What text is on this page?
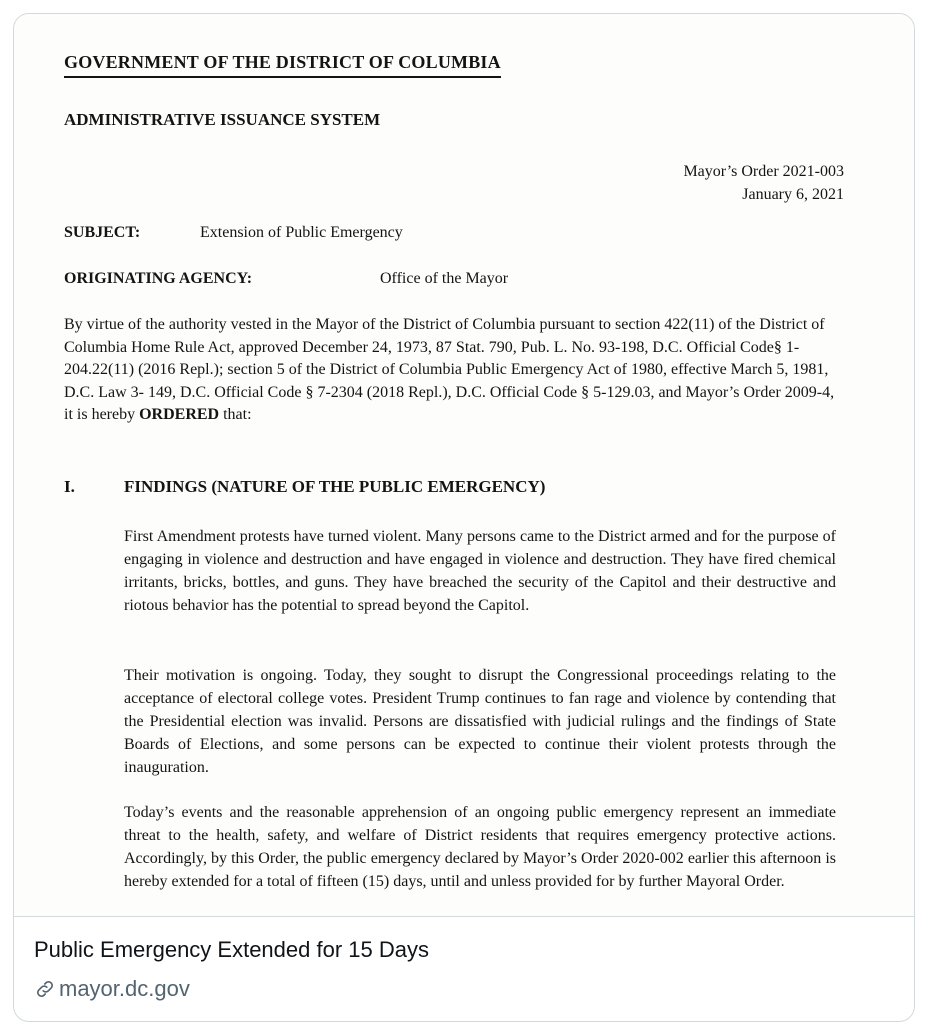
GOVERNMENT OF THE DISTRICT OF COLUMBIA
ADMINISTRATIVE ISSUANCE SYSTEM
Mayor’s Order 2021-003
January 6, 2021
SUBJECT:	Extension of Public Emergency
ORIGINATING AGENCY:	Office of the Mayor
By virtue of the authority vested in the Mayor of the District of Columbia pursuant to section 422(11) of the District of Columbia Home Rule Act, approved December 24, 1973, 87 Stat. 790, Pub. L. No. 93-198, D.C. Official Code§ 1-204.22(11) (2016 Repl.); section 5 of the District of Columbia Public Emergency Act of 1980, effective March 5, 1981, D.C. Law 3- 149, D.C. Official Code § 7-2304 (2018 Repl.), D.C. Official Code § 5-129.03, and Mayor’s Order 2009-4, it is hereby ORDERED that:
I.	FINDINGS (NATURE OF THE PUBLIC EMERGENCY)
First Amendment protests have turned violent. Many persons came to the District armed and for the purpose of engaging in violence and destruction and have engaged in violence and destruction. They have fired chemical irritants, bricks, bottles, and guns. They have breached the security of the Capitol and their destructive and riotous behavior has the potential to spread beyond the Capitol.
Their motivation is ongoing. Today, they sought to disrupt the Congressional proceedings relating to the acceptance of electoral college votes. President Trump continues to fan rage and violence by contending that the Presidential election was invalid. Persons are dissatisfied with judicial rulings and the findings of State Boards of Elections, and some persons can be expected to continue their violent protests through the inauguration.
Today’s events and the reasonable apprehension of an ongoing public emergency represent an immediate threat to the health, safety, and welfare of District residents that requires emergency protective actions. Accordingly, by this Order, the public emergency declared by Mayor’s Order 2020-002 earlier this afternoon is hereby extended for a total of fifteen (15) days, until and unless provided for by further Mayoral Order.
Public Emergency Extended for 15 Days
mayor.dc.gov
